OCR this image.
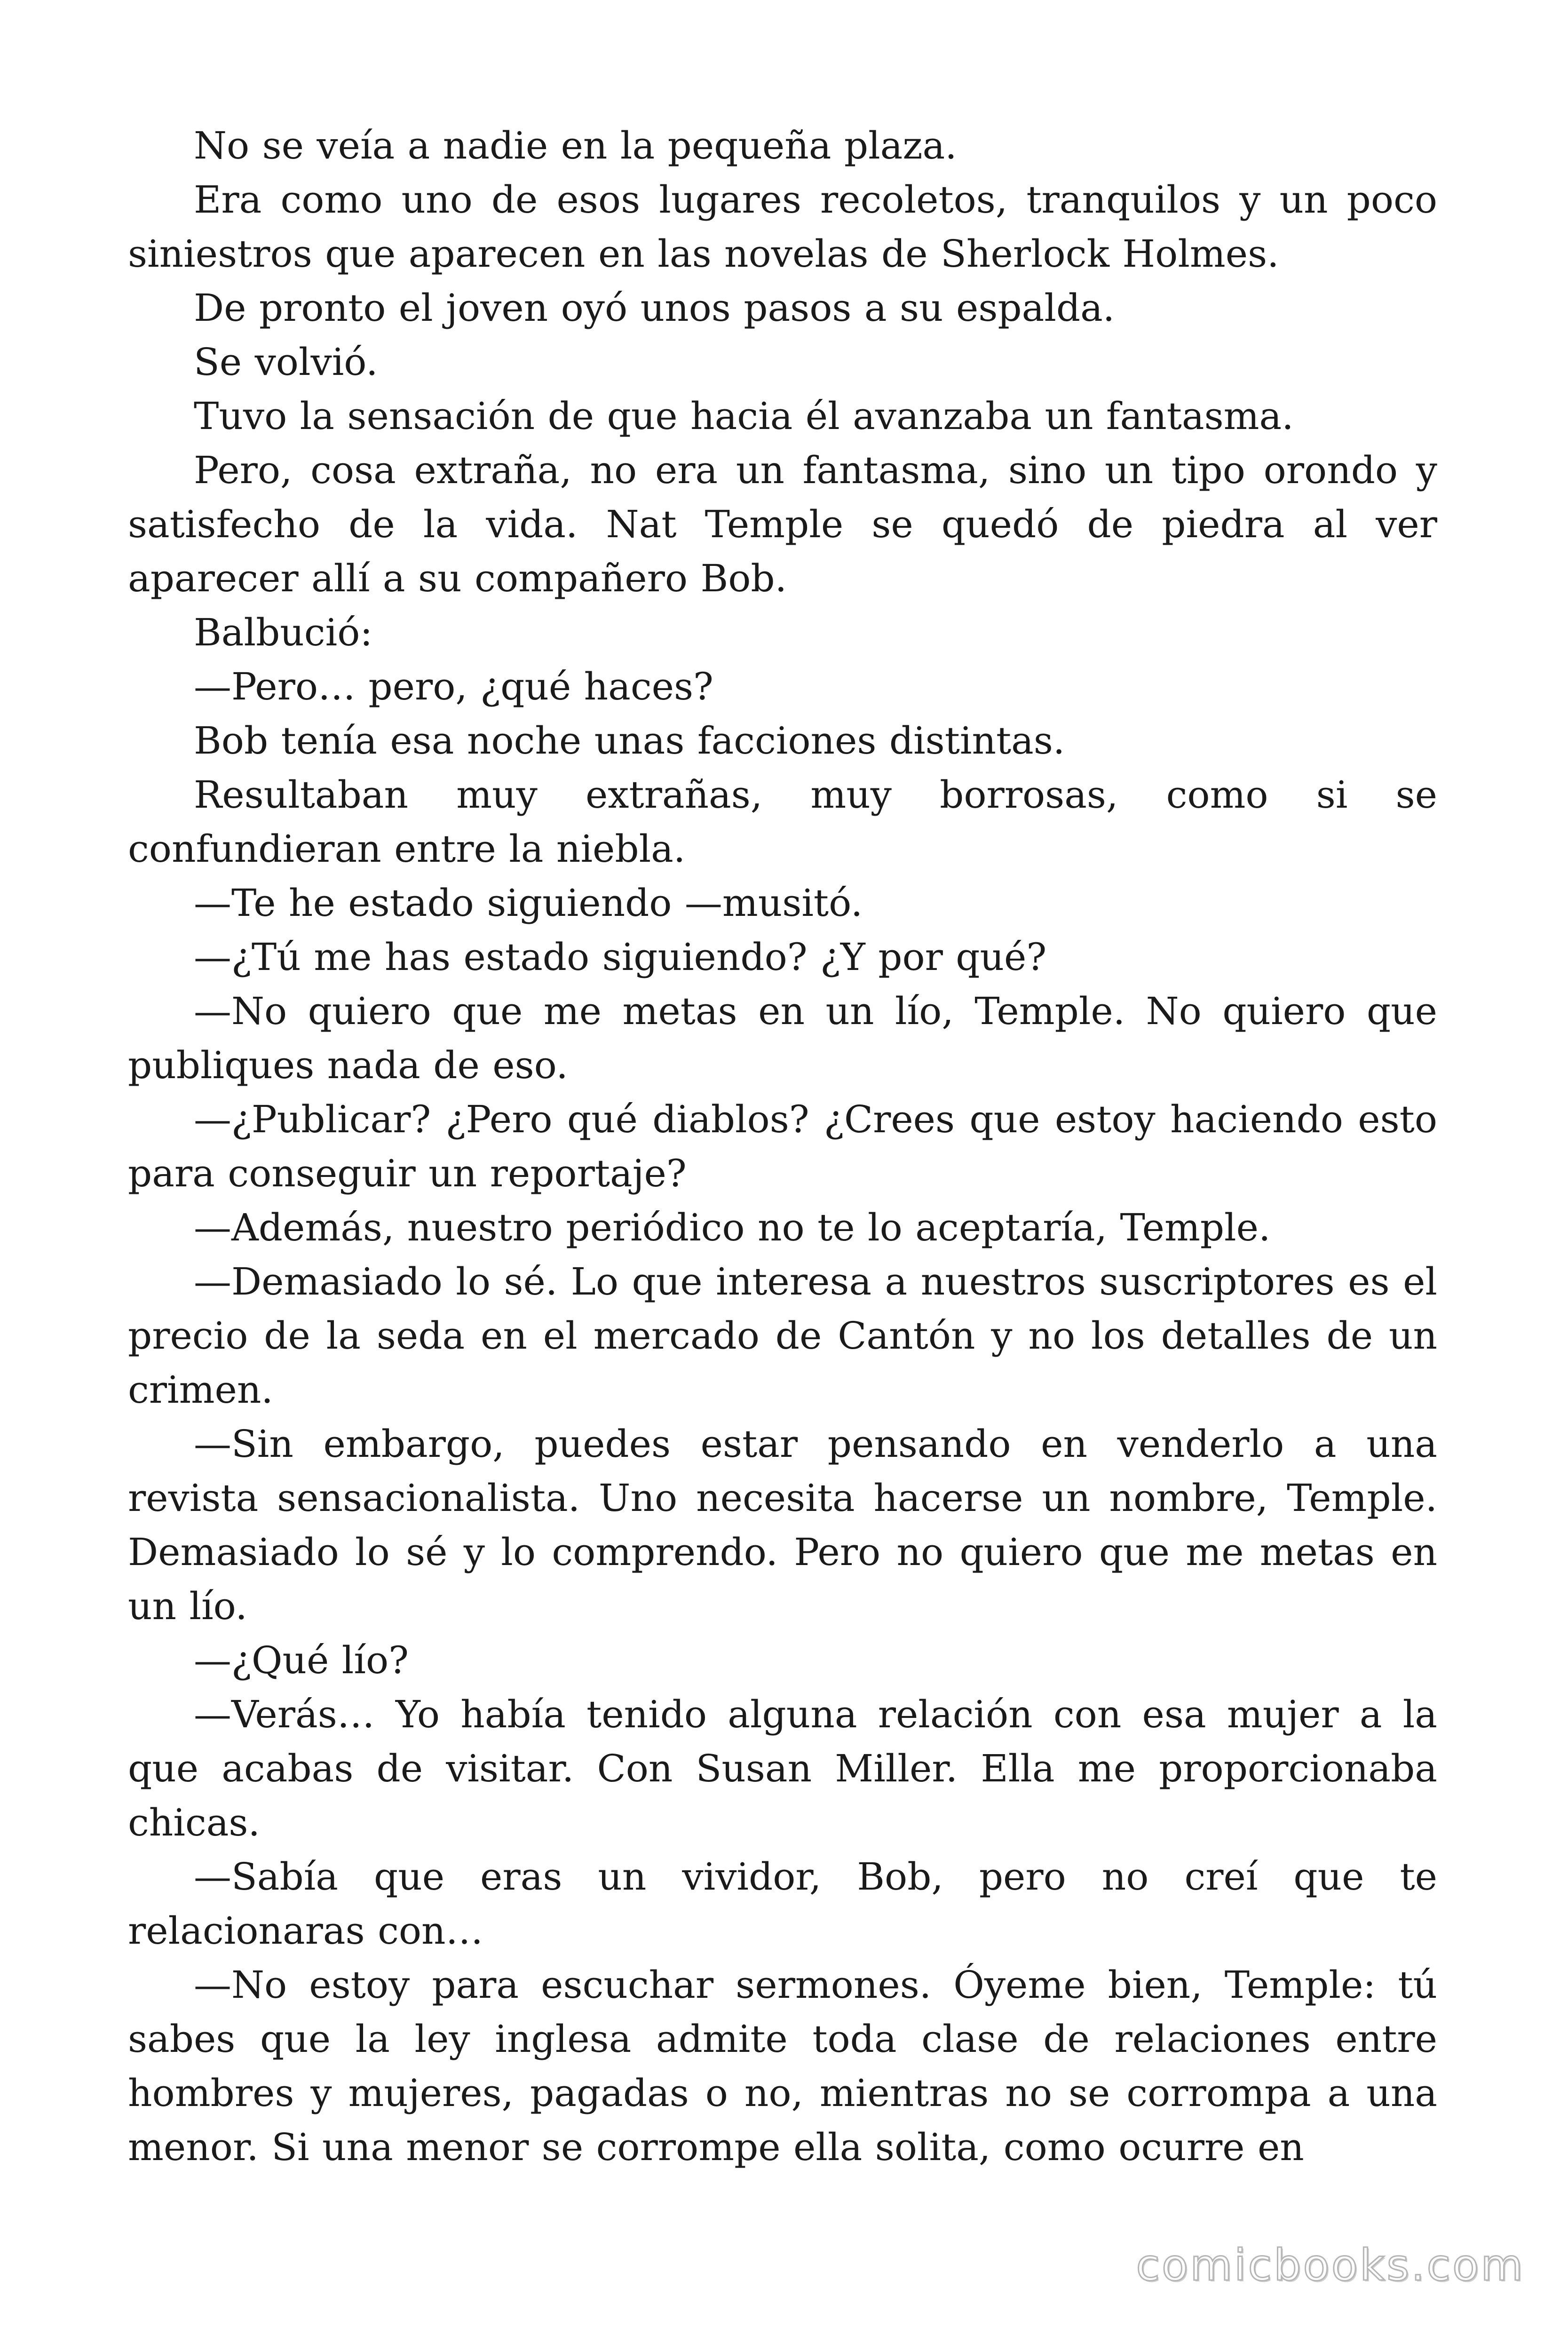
No se veía a nadie en la pequeña plaza.

Era como uno de esos lugares recoletos, tranquilos y un poco siniestros que aparecen en las novelas de Sherlock Holmes.

De pronto el joven oyó unos pasos a su espalda.

Se volvió.

Tuvo la sensación de que hacia él avanzaba un fantasma.

Pero, cosa extraña, no era un fantasma, sino un tipo orondo y satisfecho de la vida. Nat Temple se quedó de piedra al ver aparecer allí a su compañero Bob.

Balbució:

—Pero… pero, ¿qué haces?

Bob tenía esa noche unas facciones distintas.

Resultaban muy extrañas, muy borrosas, como si se confundieran entre la niebla.

—Te he estado siguiendo —musitó.

—¿Tú me has estado siguiendo? ¿Y por qué?

—No quiero que me metas en un lío, Temple. No quiero que publiques nada de eso.

—¿Publicar? ¿Pero qué diablos? ¿Crees que estoy haciendo esto para conseguir un reportaje?

—Además, nuestro periódico no te lo aceptaría, Temple.

—Demasiado lo sé. Lo que interesa a nuestros suscriptores es el precio de la seda en el mercado de Cantón y no los detalles de un crimen.

—Sin embargo, puedes estar pensando en venderlo a una revista sensacionalista. Uno necesita hacerse un nombre, Temple. Demasiado lo sé y lo comprendo. Pero no quiero que me metas en un lío.

—¿Qué lío?

—Verás… Yo había tenido alguna relación con esa mujer a la que acabas de visitar. Con Susan Miller. Ella me proporcionaba chicas.

—Sabía que eras un vividor, Bob, pero no creí que te relacionaras con…

—No estoy para escuchar sermones. Óyeme bien, Temple: tú sabes que la ley inglesa admite toda clase de relaciones entre hombres y mujeres, pagadas o no, mientras no se corrompa a una menor. Si una menor se corrompe ella solita, como ocurre en

comicbooks.com
